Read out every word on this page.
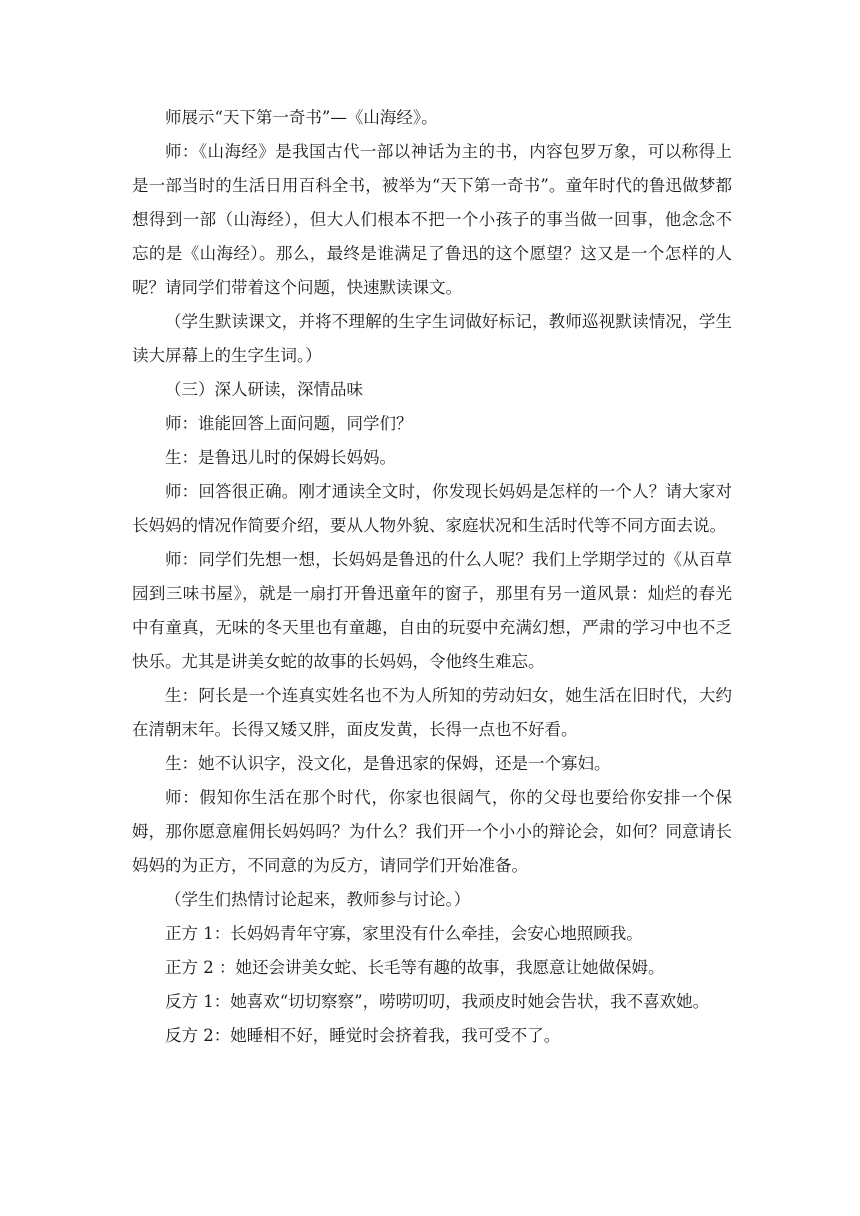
师展示“天下第一奇书”—《山海经》。

师：《山海经》是我国古代一部以神话为主的书，内容包罗万象，可以称得上是一部当时的生活日用百科全书，被举为“天下第一奇书”。童年时代的鲁迅做梦都想得到一部（山海经），但大人们根本不把一个小孩子的事当做一回事，他念念不忘的是《山海经）。那么，最终是谁满足了鲁迅的这个愿望？这又是一个怎样的人呢？请同学们带着这个问题，快速默读课文。

（学生默读课文，并将不理解的生字生词做好标记，教师巡视默读情况，学生读大屏幕上的生字生词。）

（三）深人研读，深情品味

师：谁能回答上面问题，同学们？

生：是鲁迅儿时的保姆长妈妈。

师：回答很正确。刚才通读全文时，你发现长妈妈是怎样的一个人？请大家对长妈妈的情况作简要介绍，要从人物外貌、家庭状况和生活时代等不同方面去说。

师：同学们先想一想，长妈妈是鲁迅的什么人呢？我们上学期学过的《从百草园到三味书屋》，就是一扇打开鲁迅童年的窗子，那里有另一道风景：灿烂的春光中有童真，无味的冬天里也有童趣，自由的玩耍中充满幻想，严肃的学习中也不乏快乐。尤其是讲美女蛇的故事的长妈妈，令他终生难忘。

生：阿长是一个连真实姓名也不为人所知的劳动妇女，她生活在旧时代，大约在清朝末年。长得又矮又胖，面皮发黄，长得一点也不好看。

生：她不认识字，没文化，是鲁迅家的保姆，还是一个寡妇。

师：假知你生活在那个时代，你家也很阔气，你的父母也要给你安排一个保姆，那你愿意雇佣长妈妈吗？为什么？我们开一个小小的辩论会，如何？同意请长妈妈的为正方，不同意的为反方，请同学们开始准备。

（学生们热情讨论起来，教师参与讨论。）

正方 1：长妈妈青年守寡，家里没有什么牵挂，会安心地照顾我。

正方 2 ：她还会讲美女蛇、长毛等有趣的故事，我愿意让她做保姆。

反方 1：她喜欢“切切察察”，唠唠叨叨，我顽皮时她会告状，我不喜欢她。

反方 2：她睡相不好，睡觉时会挤着我，我可受不了。
